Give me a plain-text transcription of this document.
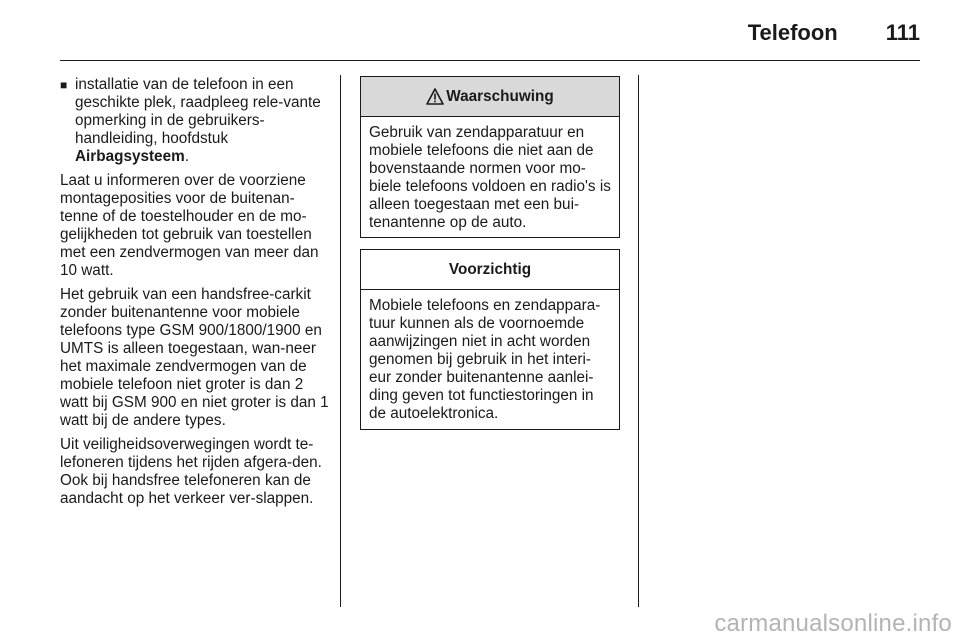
Telefoon 111
■ installatie van de telefoon in een geschikte plek, raadpleeg rele-vante opmerking in de gebruikers-handleiding, hoofdstuk
Airbagsysteem.

Laat u informeren over de voorziene montageposities voor de buitenan-tenne of de toestelhouder en de mo-gelijkheden tot gebruik van toestellen met een zendvermogen van meer dan 10 watt.

Het gebruik van een handsfree-carkit zonder buitenantenne voor mobiele telefoons type GSM 900/1800/1900 en UMTS is alleen toegestaan, wan-neer het maximale zendvermogen van de mobiele telefoon niet groter is dan 2 watt bij GSM 900 en niet groter is dan 1 watt bij de andere types.

Uit veiligheidsoverwegingen wordt te-lefoneren tijdens het rijden afgera-den. Ook bij handsfree telefoneren kan de aandacht op het verkeer ver-slappen.

Waarschuwing
Gebruik van zendapparatuur en mobiele telefoons die niet aan de bovenstaande normen voor mo-biele telefoons voldoen en radio's is alleen toegestaan met een bui-tenantenne op de auto.
Voorzichtig
Mobiele telefoons en zendappara-tuur kunnen als de voornoemde aanwijzingen niet in acht worden genomen bij gebruik in het interi-eur zonder buitenantenne aanlei-ding geven tot functiestoringen in de autoelektronica.
carmanualsonline.info
